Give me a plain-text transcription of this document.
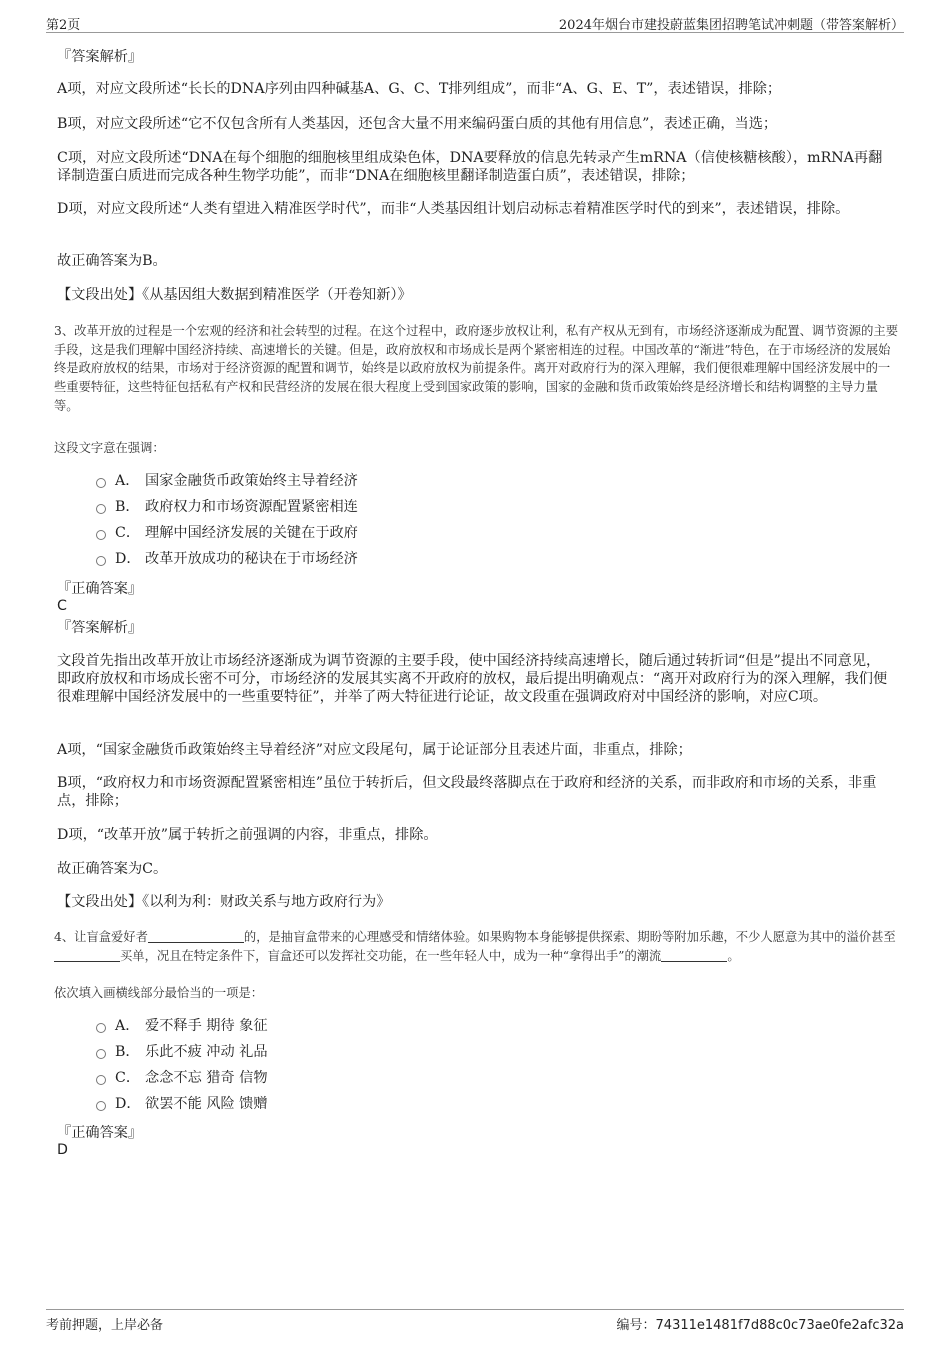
第2页	2024年烟台市建投蔚蓝集团招聘笔试冲刺题（带答案解析）
『答案解析』
A项，对应文段所述“长长的DNA序列由四种碱基A、G、C、T排列组成”，而非“A、G、E、T”，表述错误，排除；
B项，对应文段所述“它不仅包含所有人类基因，还包含大量不用来编码蛋白质的其他有用信息”，表述正确，当选；
C项，对应文段所述“DNA在每个细胞的细胞核里组成染色体，DNA要释放的信息先转录产生mRNA（信使核糖核酸），mRNA再翻译制造蛋白质进而完成各种生物学功能”，而非“DNA在细胞核里翻译制造蛋白质”，表述错误，排除；
D项，对应文段所述“人类有望进入精准医学时代”，而非“人类基因组计划启动标志着精准医学时代的到来”，表述错误，排除。
故正确答案为B。
【文段出处】《从基因组大数据到精准医学（开卷知新）》
3、改革开放的过程是一个宏观的经济和社会转型的过程。在这个过程中，政府逐步放权让利，私有产权从无到有，市场经济逐渐成为配置、调节资源的主要手段，这是我们理解中国经济持续、高速增长的关键。但是，政府放权和市场成长是两个紧密相连的过程。中国改革的“渐进”特色，在于市场经济的发展始终是政府放权的结果，市场对于经济资源的配置和调节，始终是以政府放权为前提条件。离开对政府行为的深入理解，我们便很难理解中国经济发展中的一些重要特征，这些特征包括私有产权和民营经济的发展在很大程度上受到国家政策的影响，国家的金融和货币政策始终是经济增长和结构调整的主导力量等。
这段文字意在强调：
A． 国家金融货币政策始终主导着经济
B． 政府权力和市场资源配置紧密相连
C． 理解中国经济发展的关键在于政府
D． 改革开放成功的秘诀在于市场经济
『正确答案』
C
『答案解析』
文段首先指出改革开放让市场经济逐渐成为调节资源的主要手段，使中国经济持续高速增长，随后通过转折词“但是”提出不同意见，即政府放权和市场成长密不可分，市场经济的发展其实离不开政府的放权，最后提出明确观点：“离开对政府行为的深入理解，我们便很难理解中国经济发展中的一些重要特征”，并举了两大特征进行论证，故文段重在强调政府对中国经济的影响，对应C项。
A项，“国家金融货币政策始终主导着经济”对应文段尾句，属于论证部分且表述片面，非重点，排除；
B项，“政府权力和市场资源配置紧密相连”虽位于转折后，但文段最终落脚点在于政府和经济的关系，而非政府和市场的关系，非重点，排除；
D项，“改革开放”属于转折之前强调的内容，非重点，排除。
故正确答案为C。
【文段出处】《以利为利：财政关系与地方政府行为》
4、让盲盒爱好者	的，是抽盲盒带来的心理感受和情绪体验。如果购物本身能够提供探索、期盼等附加乐趣，不少人愿意为其中的溢价甚至买单，况且在特定条件下，盲盒还可以发挥社交功能，在一些年轻人中，成为一种“拿得出手”的潮流	。
依次填入画横线部分最恰当的一项是：
A． 爱不释手 期待 象征
B． 乐此不疲 冲动 礼品
C． 念念不忘 猎奇 信物
D． 欲罢不能 风险 馈赠
『正确答案』
D
考前押题，上岸必备	编号：74311e1481f7d88c0c73ae0fe2afc32a
